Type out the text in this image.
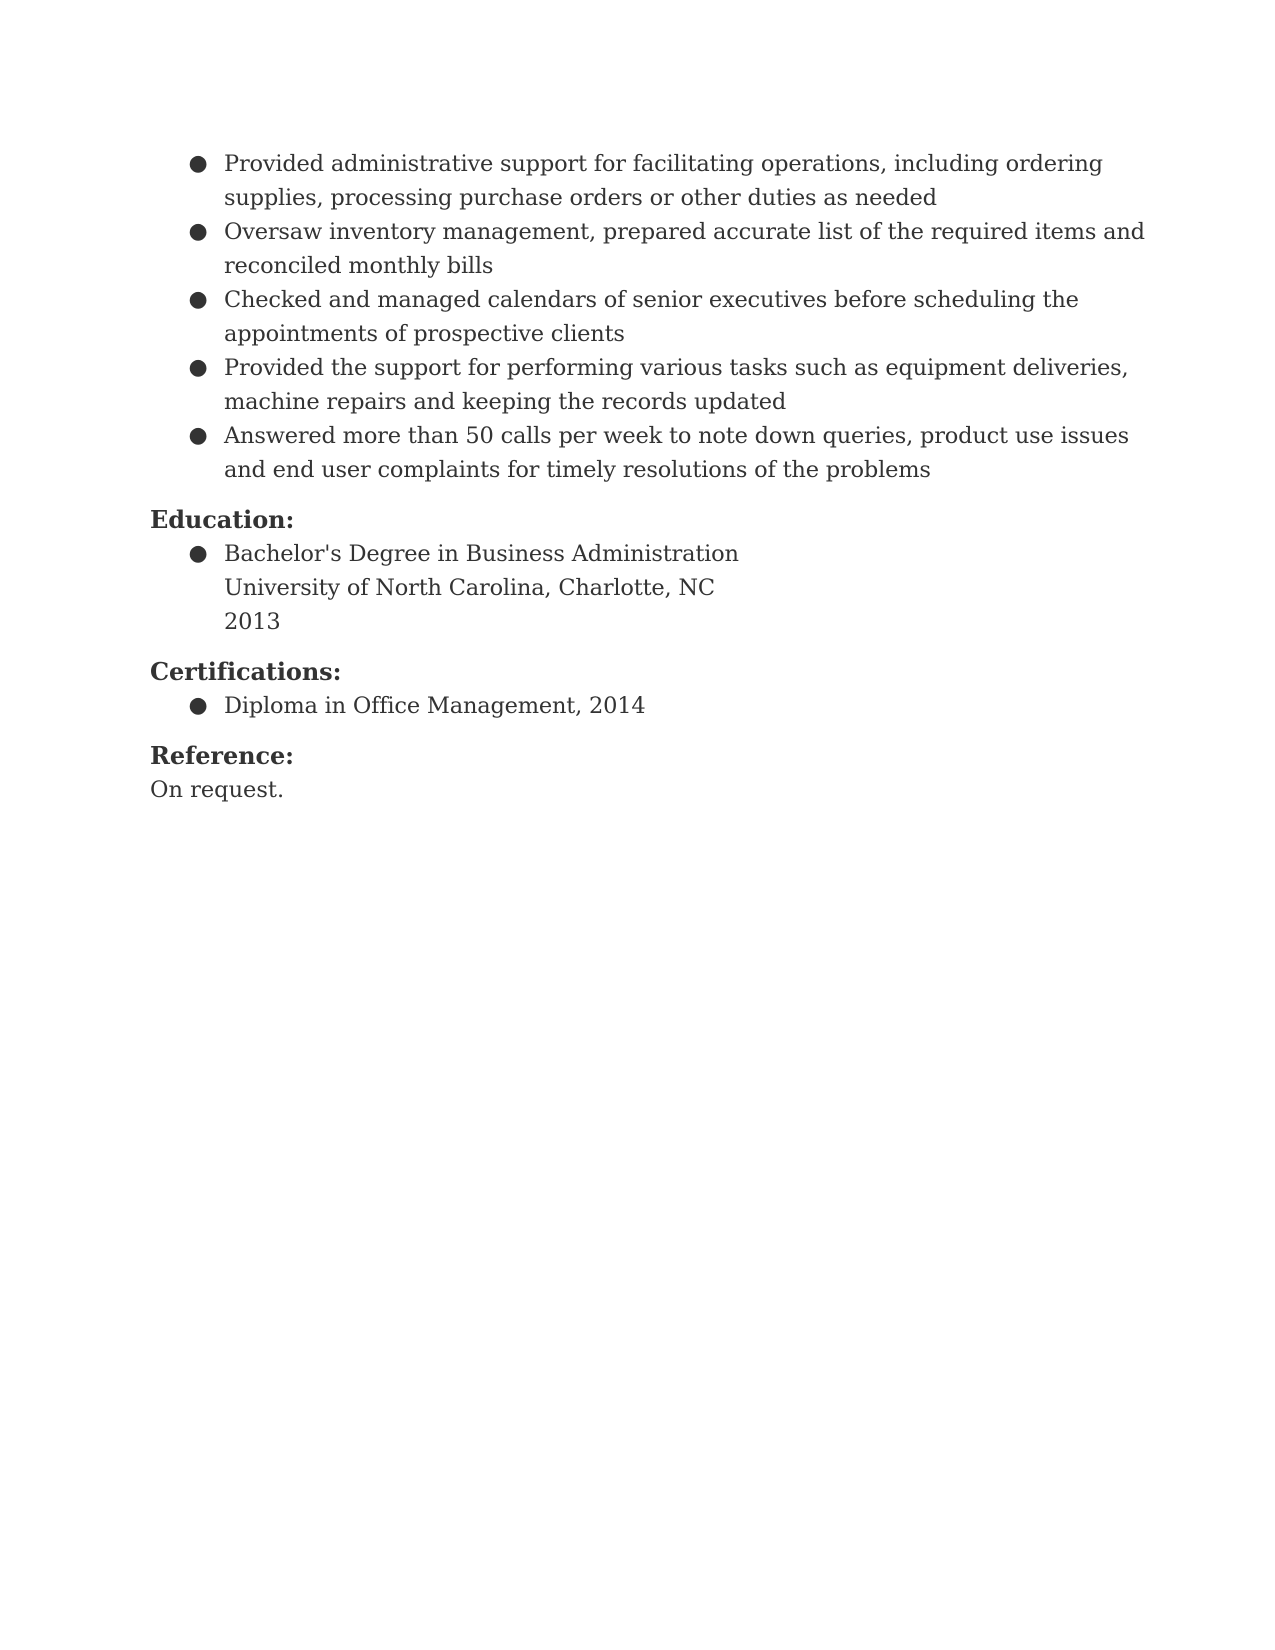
● Provided administrative support for facilitating operations, including ordering
supplies, processing purchase orders or other duties as needed
● Oversaw inventory management, prepared accurate list of the required items and
reconciled monthly bills
● Checked and managed calendars of senior executives before scheduling the
appointments of prospective clients
● Provided the support for performing various tasks such as equipment deliveries,
machine repairs and keeping the records updated
● Answered more than 50 calls per week to note down queries, product use issues
and end user complaints for timely resolutions of the problems
Education:
● Bachelor's Degree in Business Administration
University of North Carolina, Charlotte, NC
2013
Certifications:
● Diploma in Office Management, 2014
Reference:

On request.
